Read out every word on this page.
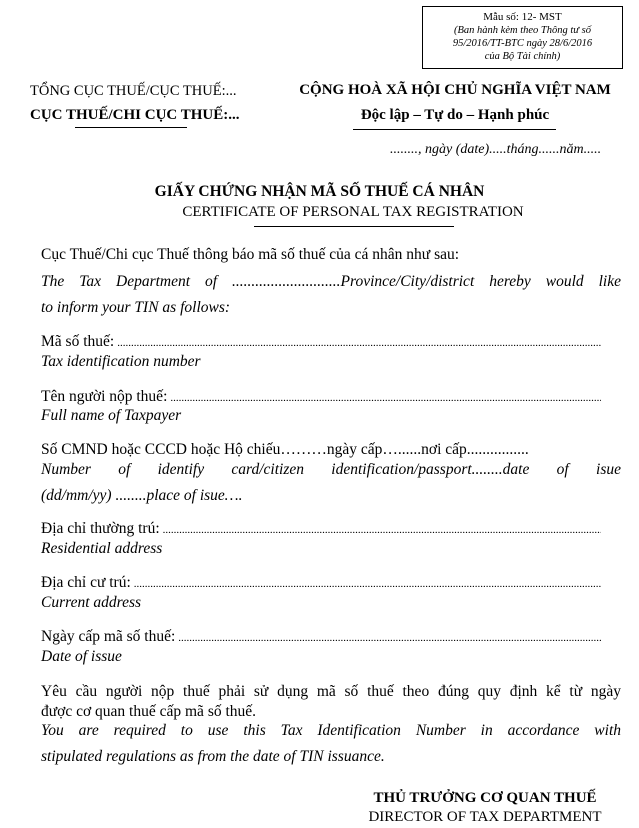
Mẫu số: 12- MST
(Ban hành kèm theo Thông tư số
95/2016/TT-BTC ngày 28/6/2016
của Bộ Tài chính)
TỔNG CỤC THUẾ/CỤC THUẾ:...
CỤC THUẾ/CHI CỤC THUẾ:...
CỘNG HOÀ XÃ HỘI CHỦ NGHĨA VIỆT NAM
Độc lập – Tự do – Hạnh phúc
........, ngày (date).....tháng......năm.....
GIẤY CHỨNG NHẬN MÃ SỐ THUẾ CÁ NHÂN
CERTIFICATE OF PERSONAL TAX REGISTRATION
Cục Thuế/Chi cục Thuế thông báo mã số thuế của cá nhân như sau:
The Tax Department of ............................Province/City/district hereby would like
to inform your TIN as follows:
Mã số thuế:
.....
Tax identification number
Tên người nộp thuế:
.....
Full name of Taxpayer
Số CMND hoặc CCCD hoặc Hộ chiếu………ngày cấp…......nơi cấp................
Number of identify card/citizen identification/passport........date of isue
(dd/mm/yy) ........place of isue….
Địa chỉ thường trú:
.....
Residential address
Địa chỉ cư trú:
.....
Current address
Ngày cấp mã số thuế:
.....
Date of issue
Yêu cầu người nộp thuế phải sử dụng mã số thuế theo đúng quy định kể từ ngày
được cơ quan thuế cấp mã số thuế.
You are required to use this Tax Identification Number in accordance with
stipulated regulations as from the date of TIN issuance.
THỦ TRƯỞNG CƠ QUAN THUẾ
DIRECTOR OF TAX DEPARTMENT
